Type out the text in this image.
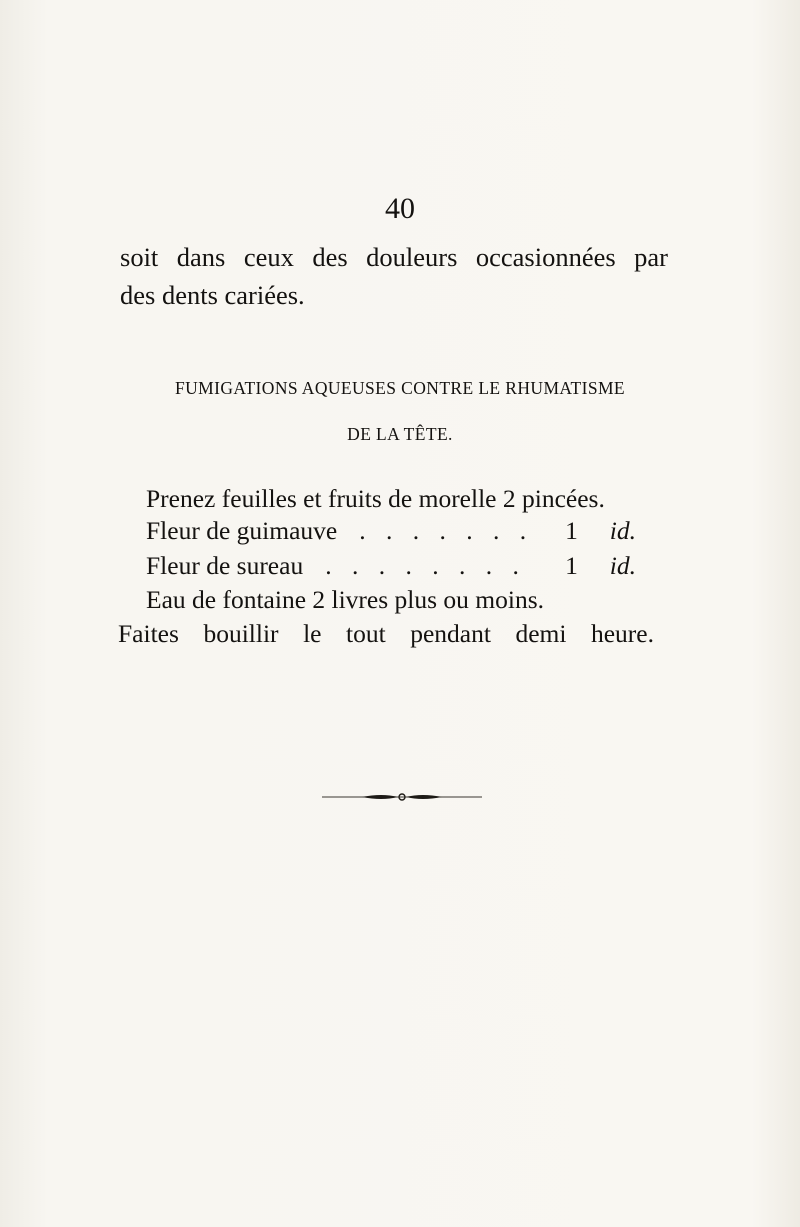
40
soit dans ceux des douleurs occasionnées par
des dents cariées.
FUMIGATIONS AQUEUSES CONTRE LE RHUMATISME
DE LA TÊTE.
Prenez feuilles et fruits de morelle 2 pincées.
Fleur de guimauve . . . . . . . 1 id.
Fleur de sureau . . . . . . . . 1 id.
Eau de fontaine 2 livres plus ou moins.
Faites bouillir le tout pendant demi heure.
